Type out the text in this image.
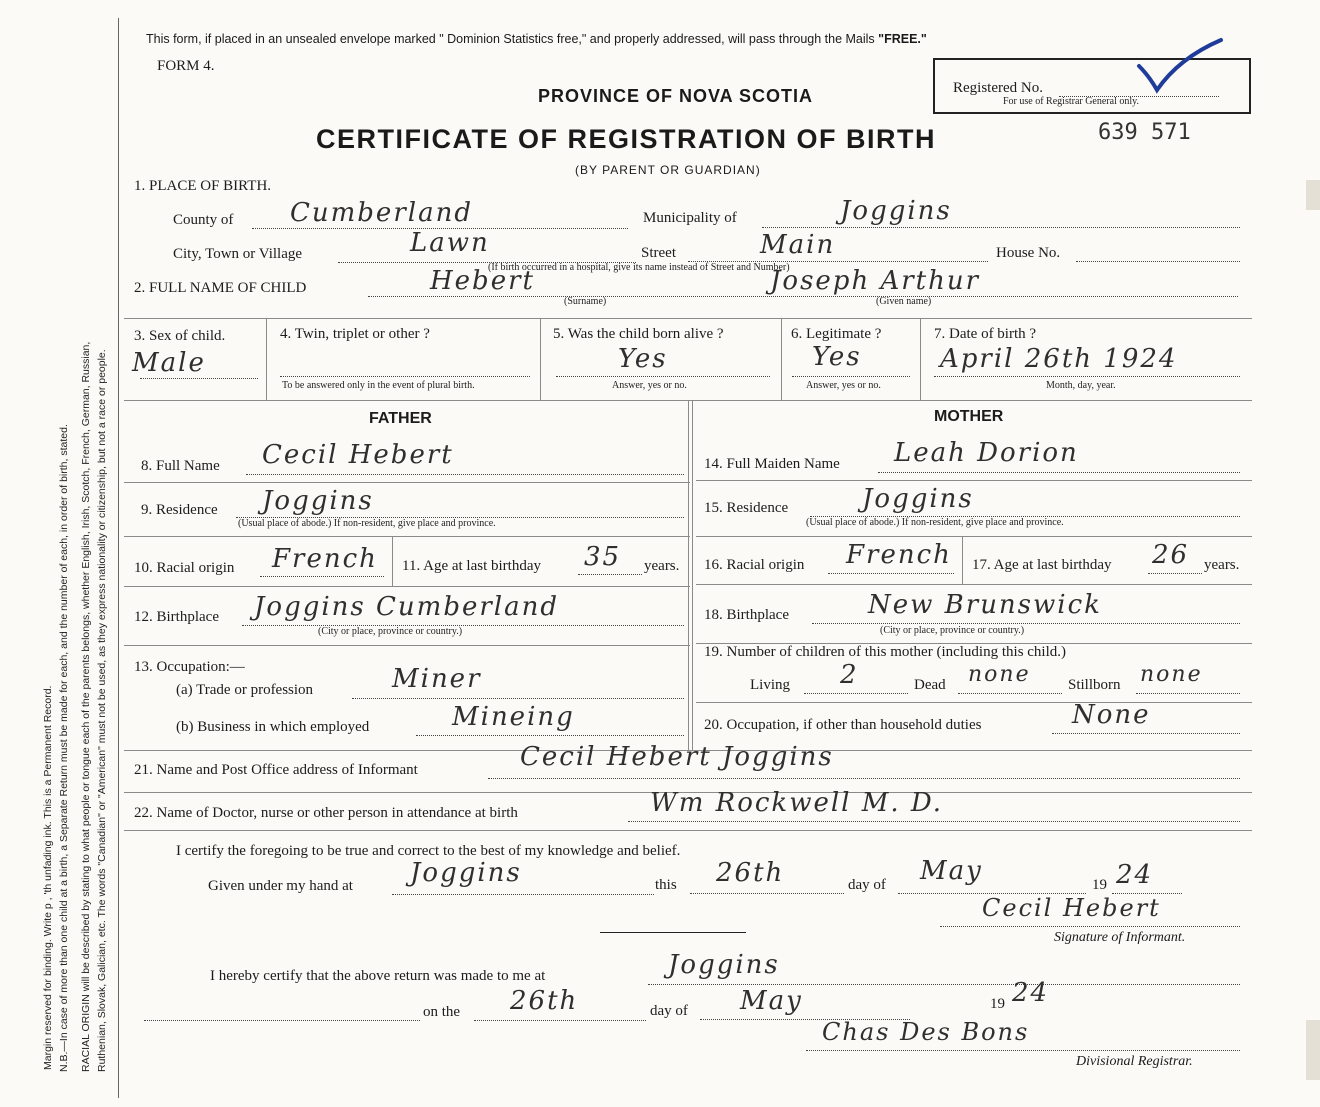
Margin reserved for binding. Write p , 'th unfading ink. This is a Permanent Record. N.B.—In case of more than one child at a birth, a Separate Return must be made for each, and the number of each, in order of birth, stated. RACIAL ORIGIN will be described by stating to what people or tongue each of the parents belongs, whether English, Irish, Scotch, French, German, Russian, Ruthenian, Slovak, Galician, etc. The words "Canadian" or "American" must not be used, as they express nationality or citizenship, but not a race or people.
This form, if placed in an unsealed envelope marked " Dominion Statistics free," and properly addressed, will pass through the Mails "FREE."
FORM 4.
PROVINCE OF NOVA SCOTIA	Registered No.
For use of Registrar General only.
CERTIFICATE OF REGISTRATION OF BIRTH
(BY PARENT OR GUARDIAN)
639 571
1. PLACE OF BIRTH.
County of Cumberland	Municipality of	Joggins
City, Town or Village	Lawn	Street	Main	House No.
(If birth occurred in a hospital, give its name instead of Street and Number)
2. FULL NAME OF CHILD	Hebert
(Surname)
Joseph Arthur
(Given name)
3. Sex of child.
Male
4. Twin, triplet or other ?
To be answered only in the event of plural birth.
5. Was the child born alive ?
Yes
Answer, yes or no.
6. Legitimate ?
Yes
Answer, yes or no.
7. Date of birth ?
April 26th 1924
Month, day, year.
FATHER	MOTHER
8. Full Name Cecil Hebert
9. Residence Joggins
(Usual place of abode.) If non-resident, give place and province.
10. Racial origin French 11. Age at last birthday 35 years.
12. Birthplace Joggins Cumberland
(City or place, province or country.)
13. Occupation:—
(a) Trade or profession	Miner
(b) Business in which employed	Mineing
14. Full Maiden Name Leah Dorion
15. Residence	Joggins
(Usual place of abode.) If non-resident, give place and province.
16. Racial origin French 17. Age at last birthday 26 years.
18. Birthplace	New Brunswick
(City or place, province or country.)
19. Number of children of this mother (including this child.)
Living 2	Dead none Stillborn none
20. Occupation, if other than household duties	None
21. Name and Post Office address of Informant	Cecil Hebert Joggins
22. Name of Doctor, nurse or other person in attendance at birth	Wm Rockwell M. D.
I certify the foregoing to be true and correct to the best of my knowledge and belief.
Given under my hand at Joggins	this 26th	day of May	19 24
Cecil Hebert
Signature of Informant.
I hereby certify that the above return was made to me at	Joggins
on the 26th	day of May	19 24
Chas Des Bons
Divisional Registrar.
